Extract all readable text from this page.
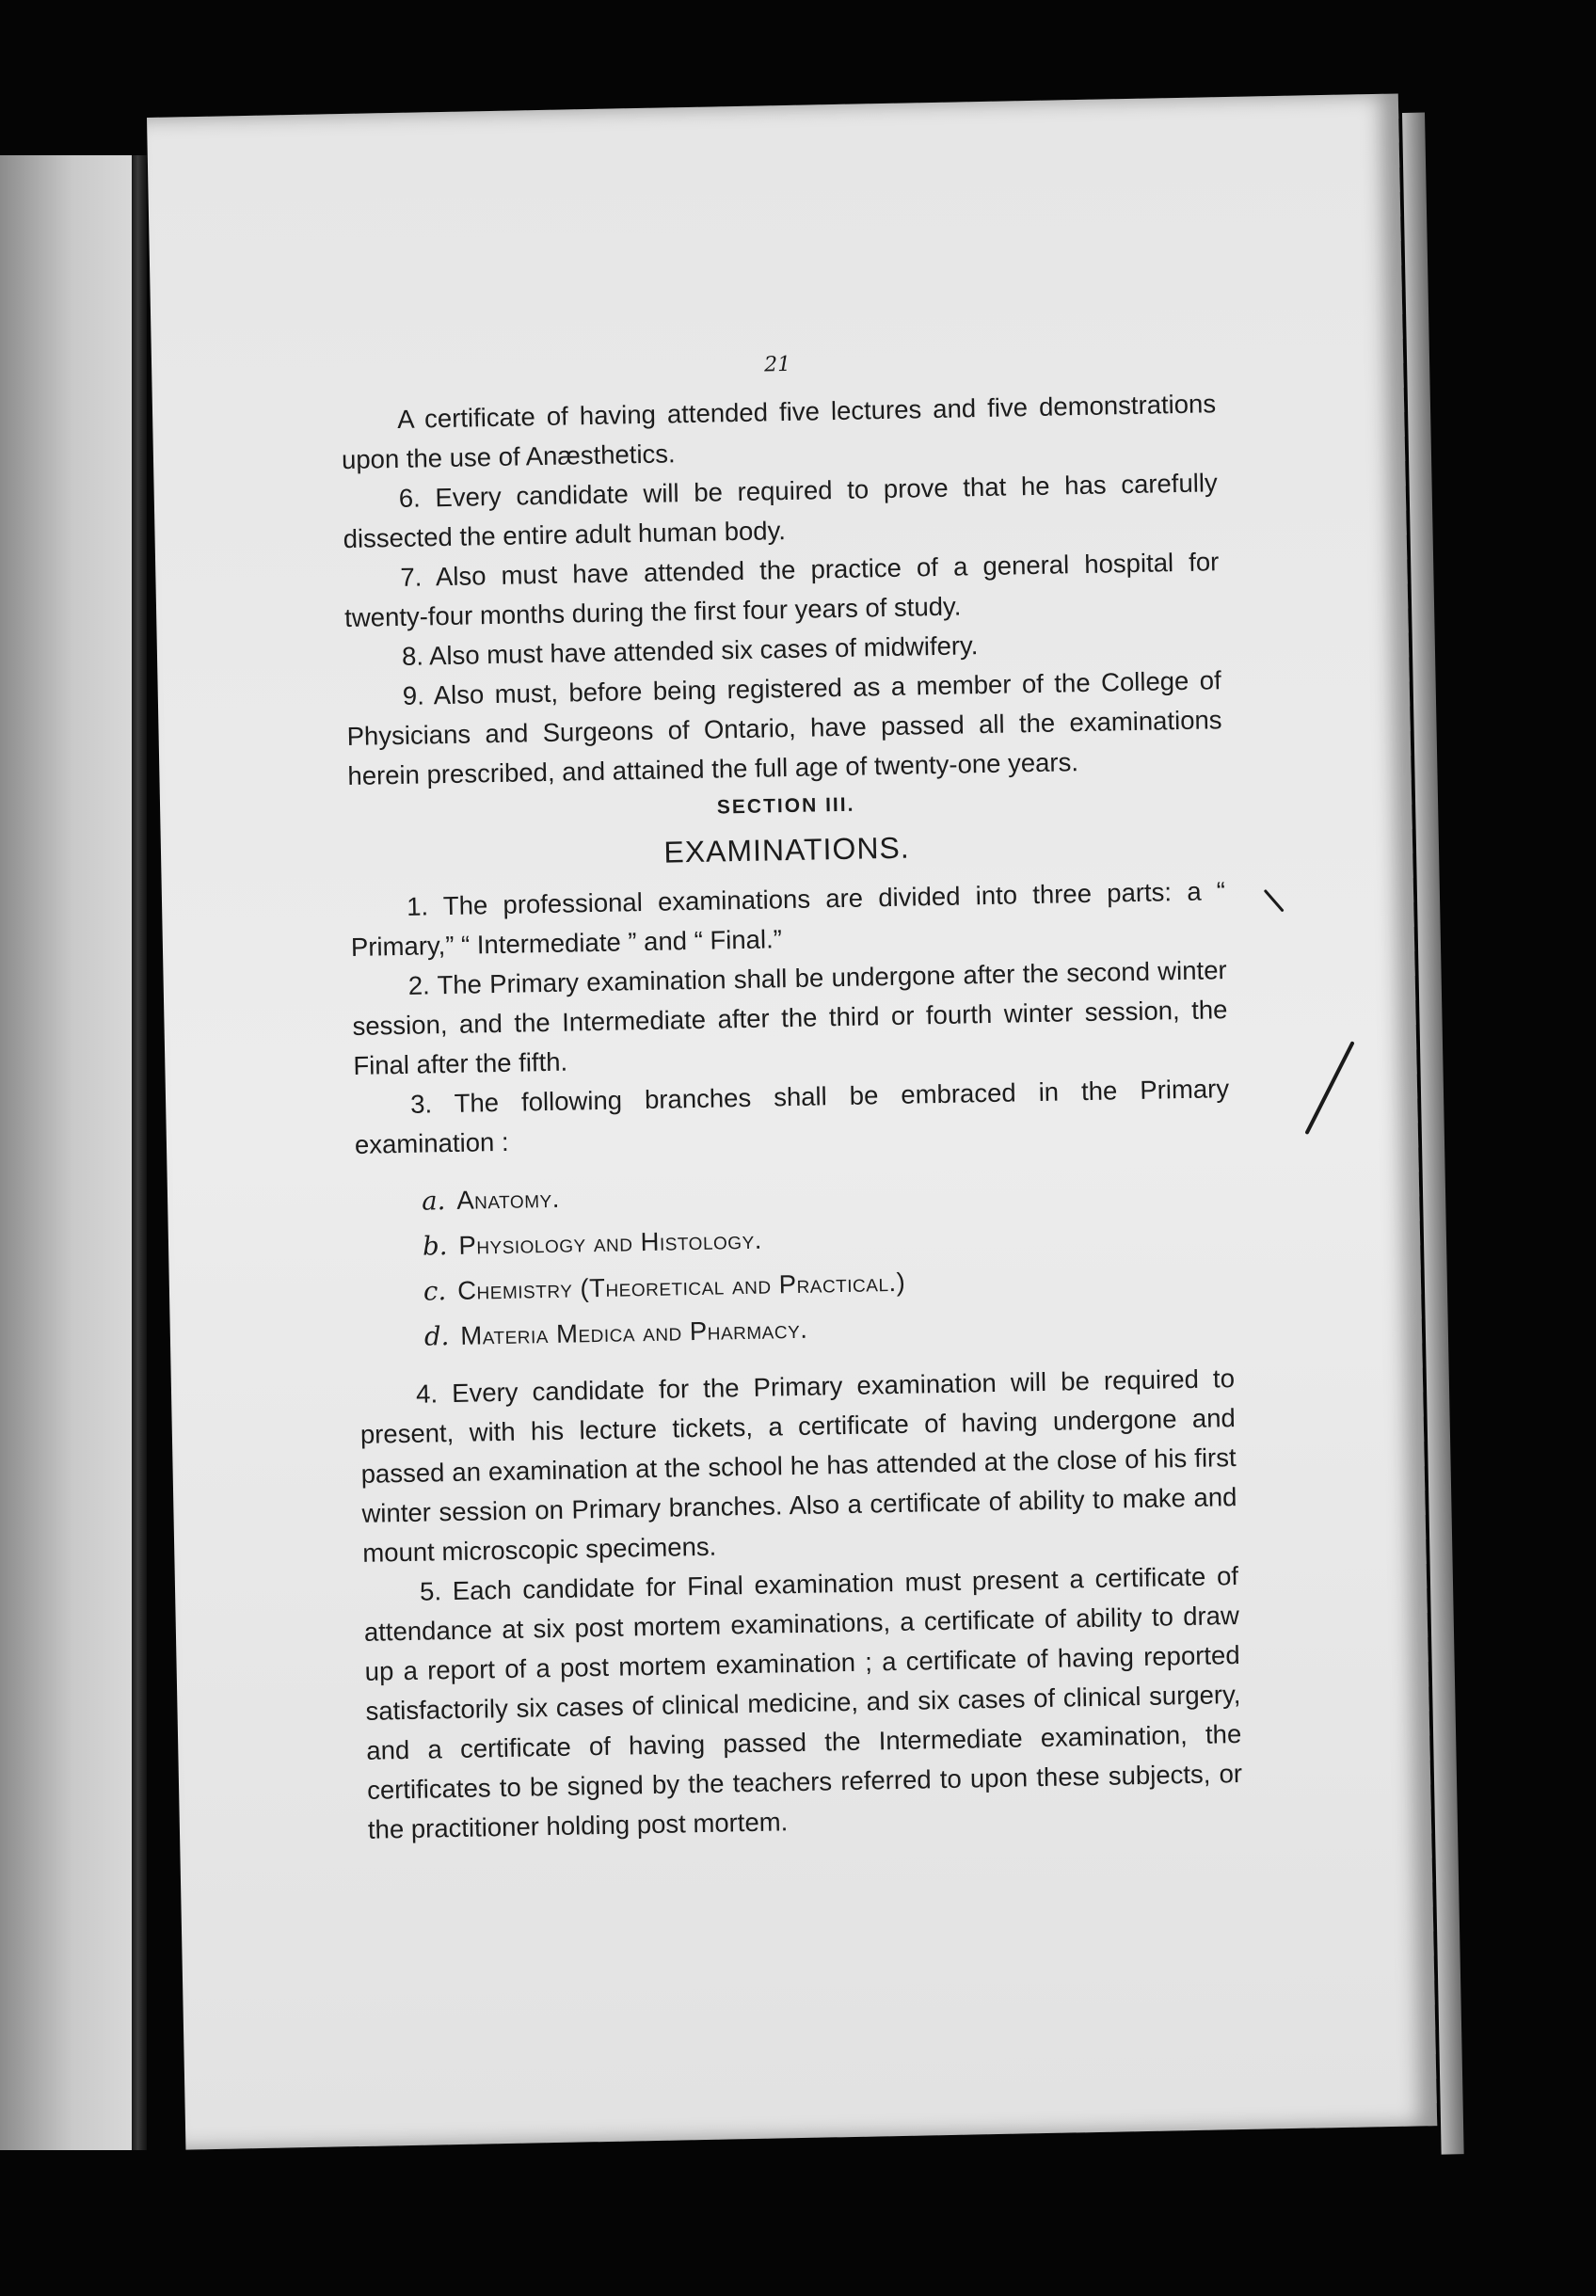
21

A certificate of having attended five lectures and five demonstrations upon the use of Anæsthetics.

6. Every candidate will be required to prove that he has carefully dissected the entire adult human body.

7. Also must have attended the practice of a general hospital for twenty-four months during the first four years of study.

8. Also must have attended six cases of midwifery.

9. Also must, before being registered as a member of the College of Physicians and Surgeons of Ontario, have passed all the examinations herein prescribed, and attained the full age of twenty-one years.

SECTION III.
EXAMINATIONS.

1. The professional examinations are divided into three parts: a “ Primary,” “ Intermediate ” and “ Final.”

2. The Primary examination shall be undergone after the second winter session, and the Intermediate after the third or fourth winter session, the Final after the fifth.

3. The following branches shall be embraced in the Primary examination :

a. Anatomy.
b. Physiology and Histology.
c. Chemistry (Theoretical and Practical.)
d. Materia Medica and Pharmacy.

4. Every candidate for the Primary examination will be required to present, with his lecture tickets, a certificate of having undergone and passed an examination at the school he has attended at the close of his first winter session on Primary branches. Also a certificate of ability to make and mount microscopic specimens.

5. Each candidate for Final examination must present a certificate of attendance at six post mortem examinations, a certificate of ability to draw up a report of a post mortem examination ; a certificate of having reported satisfactorily six cases of clinical medicine, and six cases of clinical surgery, and a certificate of having passed the Intermediate examination, the certificates to be signed by the teachers referred to upon these subjects, or the practitioner holding post mortem.
